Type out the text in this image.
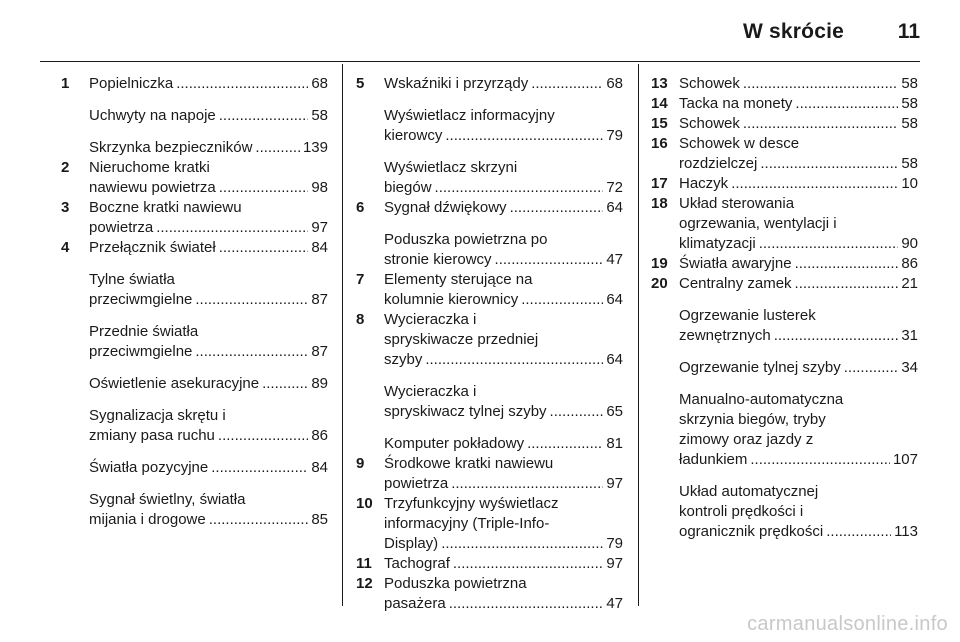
W skrócie	11
1 Popielniczka .....	68
Uchwyty na napoje .....	58
Skrzynka bezpieczników .....	139
2 Nieruchome kratki
nawiewu powietrza .....	98
3 Boczne kratki nawiewu
powietrza .....	97
4 Przełącznik świateł .....	84
Tylne światła
przeciwmgielne .....	87
Przednie światła
przeciwmgielne .....	87
Oświetlenie asekuracyjne .....	89
Sygnalizacja skrętu i
zmiany pasa ruchu .....	86
Światła pozycyjne .....	84
Sygnał świetlny, światła
mijania i drogowe .....	85
5 Wskaźniki i przyrządy .....	68
Wyświetlacz informacyjny
kierowcy .....	79
Wyświetlacz skrzyni
biegów .....	72
6 Sygnał dźwiękowy .....	64
Poduszka powietrzna po
stronie kierowcy .....	47
7 Elementy sterujące na
kolumnie kierownicy .....	64
8 Wycieraczka i
spryskiwacze przedniej
szyby .....	64
Wycieraczka i
spryskiwacz tylnej szyby .....	65
Komputer pokładowy .....	81
9 Środkowe kratki nawiewu
powietrza .....	97
10 Trzyfunkcyjny wyświetlacz
informacyjny (Triple-Info-
Display) .....	79
11 Tachograf .....	97
12 Poduszka powietrzna
pasażera .....	47
13 Schowek .....	58
14 Tacka na monety .....	58
15 Schowek .....	58
16 Schowek w desce
rozdzielczej .....	58
17 Haczyk .....	10
18 Układ sterowania
ogrzewania, wentylacji i
klimatyzacji .....	90
19 Światła awaryjne .....	86
20 Centralny zamek .....	21
Ogrzewanie lusterek
zewnętrznych .....	31
Ogrzewanie tylnej szyby .....	34
Manualno-automatyczna
skrzynia biegów, tryby
zimowy oraz jazdy z
ładunkiem .....	107
Układ automatycznej
kontroli prędkości i
ogranicznik prędkości .....	113
carmanualsonline.info
